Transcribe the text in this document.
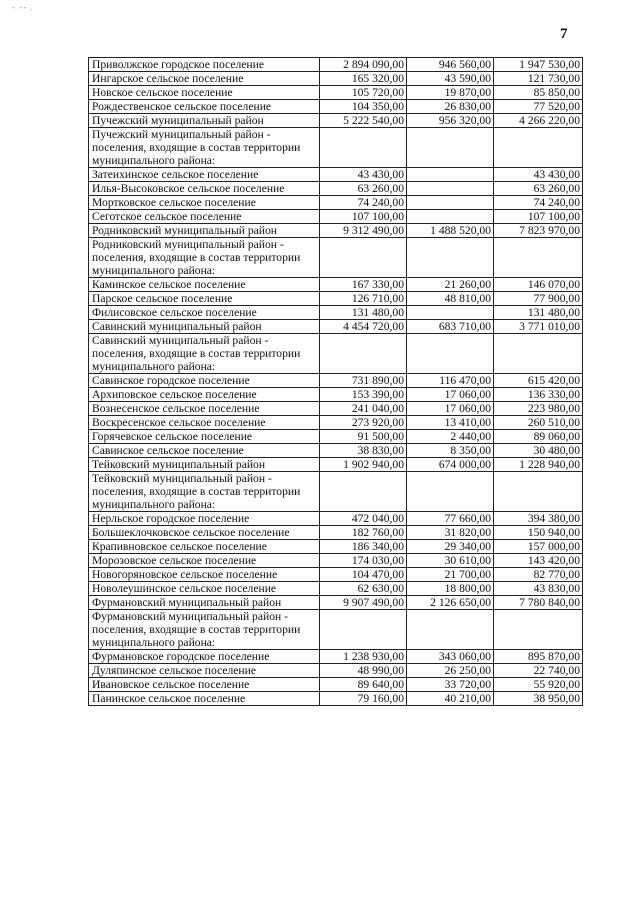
- -- .
7
Приволжское городское поселение	2 894 090,00	946 560,00	1 947 530,00
Ингарское сельское поселение	165 320,00	43 590,00	121 730,00
Новское сельское поселение	105 720,00	19 870,00	85 850,00
Рождественское сельское поселение	104 350,00	26 830,00	77 520,00
Пучежский муниципальный район	5 222 540,00	956 320,00	4 266 220,00
Пучежский муниципальный район - поселения, входящие в состав территории муниципального района:			
Затеихинское сельское поселение	43 430,00		43 430,00
Илья-Высоковское сельское поселение	63 260,00		63 260,00
Мортковское сельское поселение	74 240,00		74 240,00
Сеготское сельское поселение	107 100,00		107 100,00
Родниковский муниципальный район	9 312 490,00	1 488 520,00	7 823 970,00
Родниковский муниципальный район - поселения, входящие в состав территории муниципального района:			
Каминское сельское поселение	167 330,00	21 260,00	146 070,00
Парское сельское поселение	126 710,00	48 810,00	77 900,00
Филисовское сельское поселение	131 480,00		131 480,00
Савинский муниципальный район	4 454 720,00	683 710,00	3 771 010,00
Савинский муниципальный район - поселения, входящие в состав территории муниципального района:			
Савинское городское поселение	731 890,00	116 470,00	615 420,00
Архиповское сельское поселение	153 390,00	17 060,00	136 330,00
Вознесенское сельское поселение	241 040,00	17 060,00	223 980,00
Воскресенское сельское поселение	273 920,00	13 410,00	260 510,00
Горячевское сельское поселение	91 500,00	2 440,00	89 060,00
Савинское сельское поселение	38 830,00	8 350,00	30 480,00
Тейковский муниципальный район	1 902 940,00	674 000,00	1 228 940,00
Тейковский муниципальный район - поселения, входящие в состав территории муниципального района:			
Нерльское городское поселение	472 040,00	77 660,00	394 380,00
Большеклочковское сельское поселение	182 760,00	31 820,00	150 940,00
Крапивновское сельское поселение	186 340,00	29 340,00	157 000,00
Морозовское сельское поселение	174 030,00	30 610,00	143 420,00
Новогоряновское сельское поселение	104 470,00	21 700,00	82 770,00
Новолеушинское сельское поселение	62 630,00	18 800,00	43 830,00
Фурмановский муниципальный район	9 907 490,00	2 126 650,00	7 780 840,00
Фурмановский муниципальный район - поселения, входящие в состав территории муниципального района:			
Фурмановское городское поселение	1 238 930,00	343 060,00	895 870,00
Дуляпинское сельское поселение	48 990,00	26 250,00	22 740,00
Ивановское сельское поселение	89 640,00	33 720,00	55 920,00
Панинское сельское поселение	79 160,00	40 210,00	38 950,00
